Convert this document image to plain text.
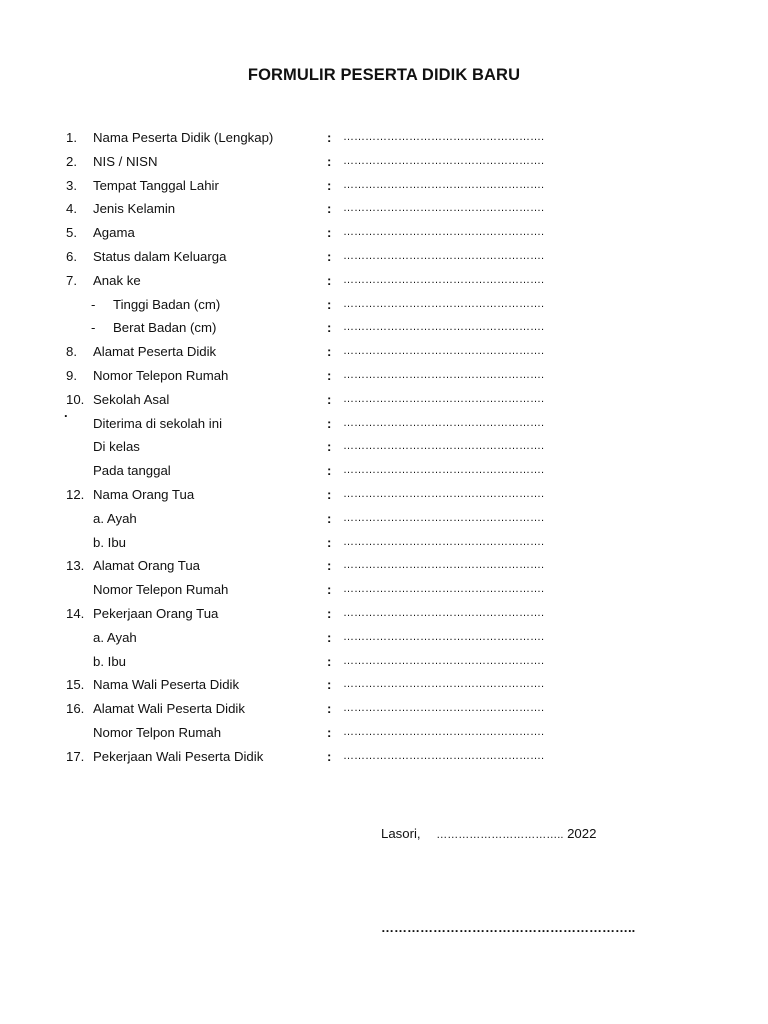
FORMULIR PESERTA DIDIK BARU
1. Nama Peserta Didik (Lengkap)	: ……………………………………………….
2. NIS / NISN	: ……………………………………………….
3. Tempat Tanggal Lahir	: ……………………………………………….
4. Jenis Kelamin	: ……………………………………………….
5. Agama	: ……………………………………………….
6. Status dalam Keluarga	: ……………………………………………….
7. Anak ke	: ……………………………………………….
- Tinggi Badan (cm)	: ……………………………………………….
- Berat Badan (cm)	: ……………………………………………….
8. Alamat Peserta Didik	: ……………………………………………….
9. Nomor Telepon Rumah	: ……………………………………………….
10. Sekolah Asal	: ……………………………………………….
Diterima di sekolah ini	: ……………………………………………….
Di kelas	: ……………………………………………….
Pada tanggal	: ……………………………………………….
12. Nama Orang Tua	: ……………………………………………….
a. Ayah	: ……………………………………………….
b. Ibu	: ……………………………………………….
13. Alamat Orang Tua	: ……………………………………………….
Nomor Telepon Rumah	: ……………………………………………….
14. Pekerjaan Orang Tua	: ……………………………………………….
a. Ayah	: ……………………………………………….
b. Ibu	: ……………………………………………….
15. Nama Wali Peserta Didik	: ……………………………………………….
16. Alamat Wali Peserta Didik	: ……………………………………………….
Nomor Telpon Rumah	: ……………………………………………….
17. Pekerjaan Wali Peserta Didik	: ……………………………………………….
.
Lasori, …………………………….. 2022
…………………………………………………..
